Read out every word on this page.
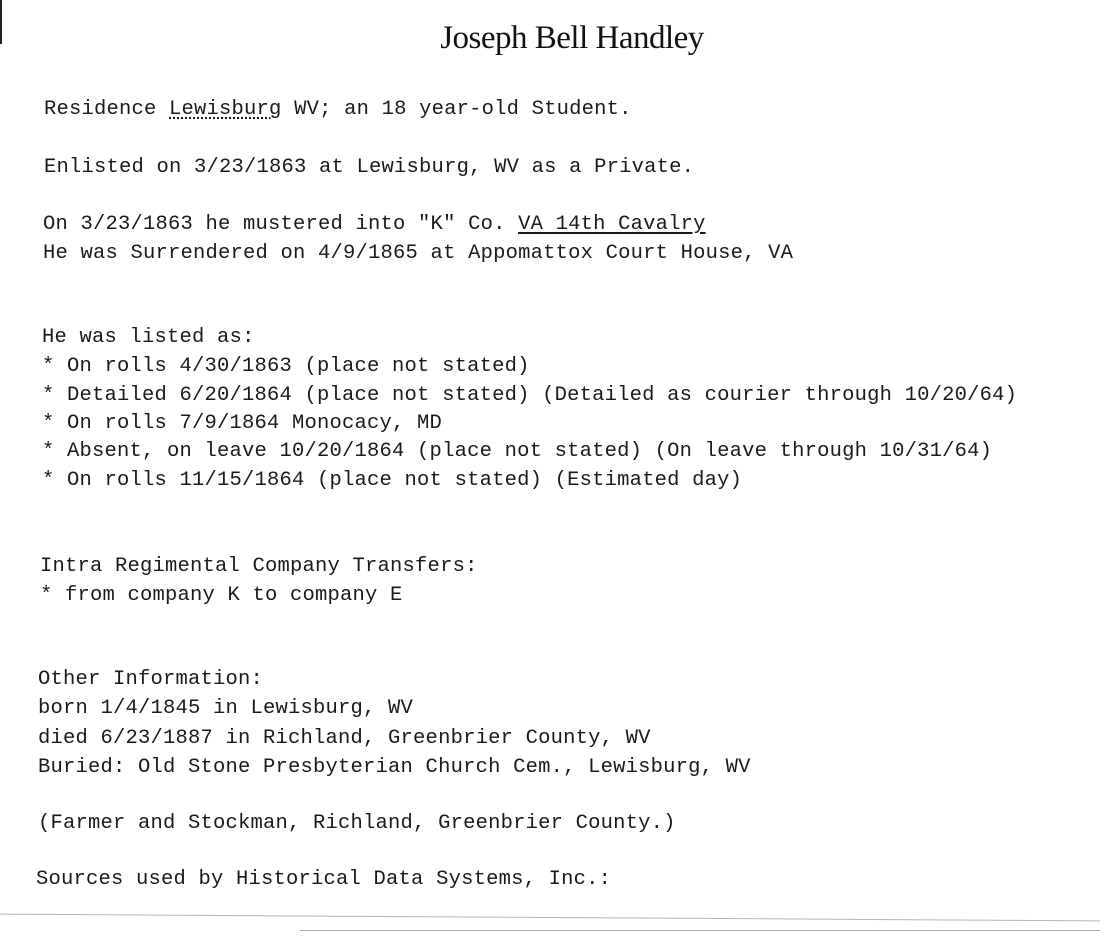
Joseph Bell Handley
Residence Lewisburg WV; an 18 year-old Student.
Enlisted on 3/23/1863 at Lewisburg, WV as a Private.
On 3/23/1863 he mustered into "K" Co. VA 14th Cavalry
He was Surrendered on 4/9/1865 at Appomattox Court House, VA
He was listed as:
* On rolls 4/30/1863 (place not stated)
* Detailed 6/20/1864 (place not stated) (Detailed as courier through 10/20/64)
* On rolls 7/9/1864 Monocacy, MD
* Absent, on leave 10/20/1864 (place not stated) (On leave through 10/31/64)
* On rolls 11/15/1864 (place not stated) (Estimated day)
Intra Regimental Company Transfers:
* from company K to company E
Other Information:
born 1/4/1845 in Lewisburg, WV
died 6/23/1887 in Richland, Greenbrier County, WV
Buried: Old Stone Presbyterian Church Cem., Lewisburg, WV
(Farmer and Stockman, Richland, Greenbrier County.)
Sources used by Historical Data Systems, Inc.:
